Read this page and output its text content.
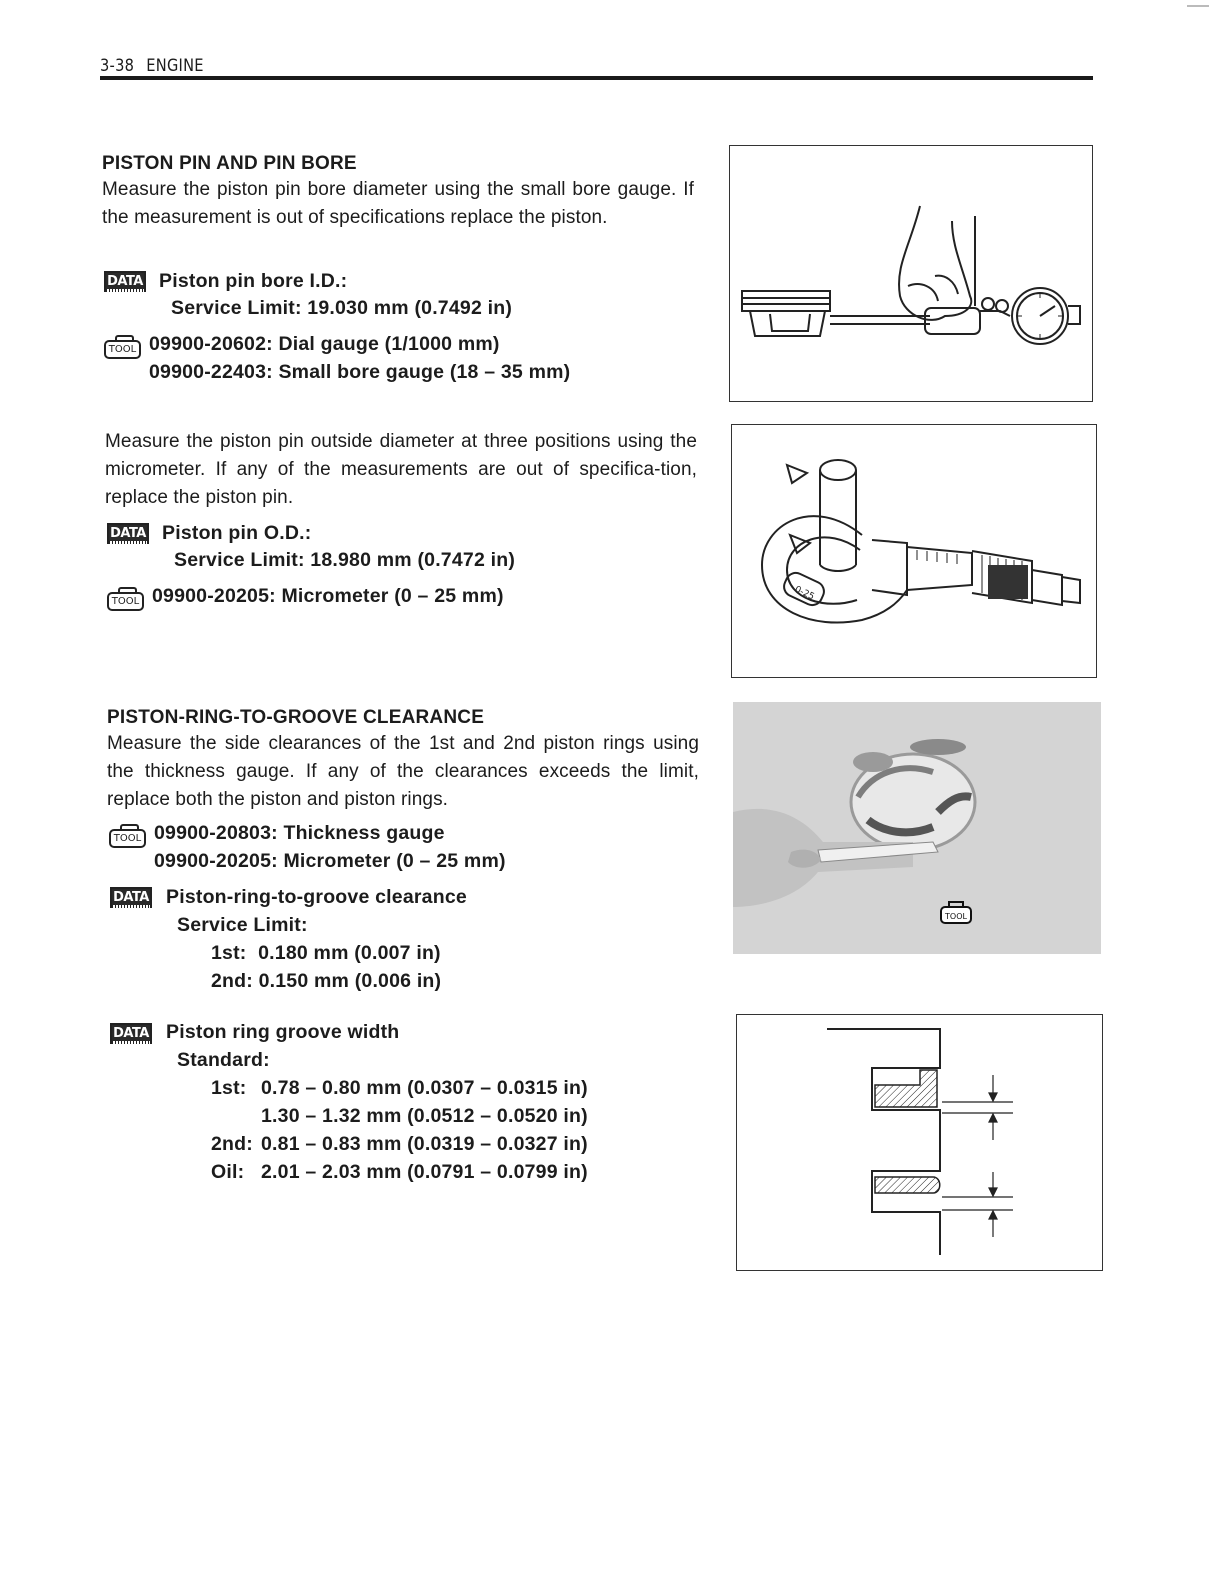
3-38 ENGINE
PISTON PIN AND PIN BORE
Measure the piston pin bore diameter using the small bore gauge. If the measurement is out of specifications replace the piston.
DATA Piston pin bore I.D.:
Service Limit: 19.030 mm (0.7492 in)
TOOL 09900-20602: Dial gauge (1/1000 mm)
09900-22403: Small bore gauge (18 – 35 mm)
Measure the piston pin outside diameter at three positions using the micrometer. If any of the measurements are out of specifica-tion, replace the piston pin.
DATA Piston pin O.D.:
Service Limit: 18.980 mm (0.7472 in)
TOOL 09900-20205: Micrometer (0 – 25 mm)	0-25
PISTON-RING-TO-GROOVE CLEARANCE
Measure the side clearances of the 1st and 2nd piston rings using the thickness gauge. If any of the clearances exceeds the limit, replace both the piston and piston rings.
TOOL 09900-20803: Thickness gauge
09900-20205: Micrometer (0 – 25 mm)
DATA Piston-ring-to-groove clearance
Service Limit:
1st: 0.180 mm (0.007 in)
2nd: 0.150 mm (0.006 in)
TOOL
DATA Piston ring groove width
Standard:
1st: 0.78 – 0.80 mm (0.0307 – 0.0315 in)
1.30 – 1.32 mm (0.0512 – 0.0520 in)
2nd: 0.81 – 0.83 mm (0.0319 – 0.0327 in)
Oil: 2.01 – 2.03 mm (0.0791 – 0.0799 in)
